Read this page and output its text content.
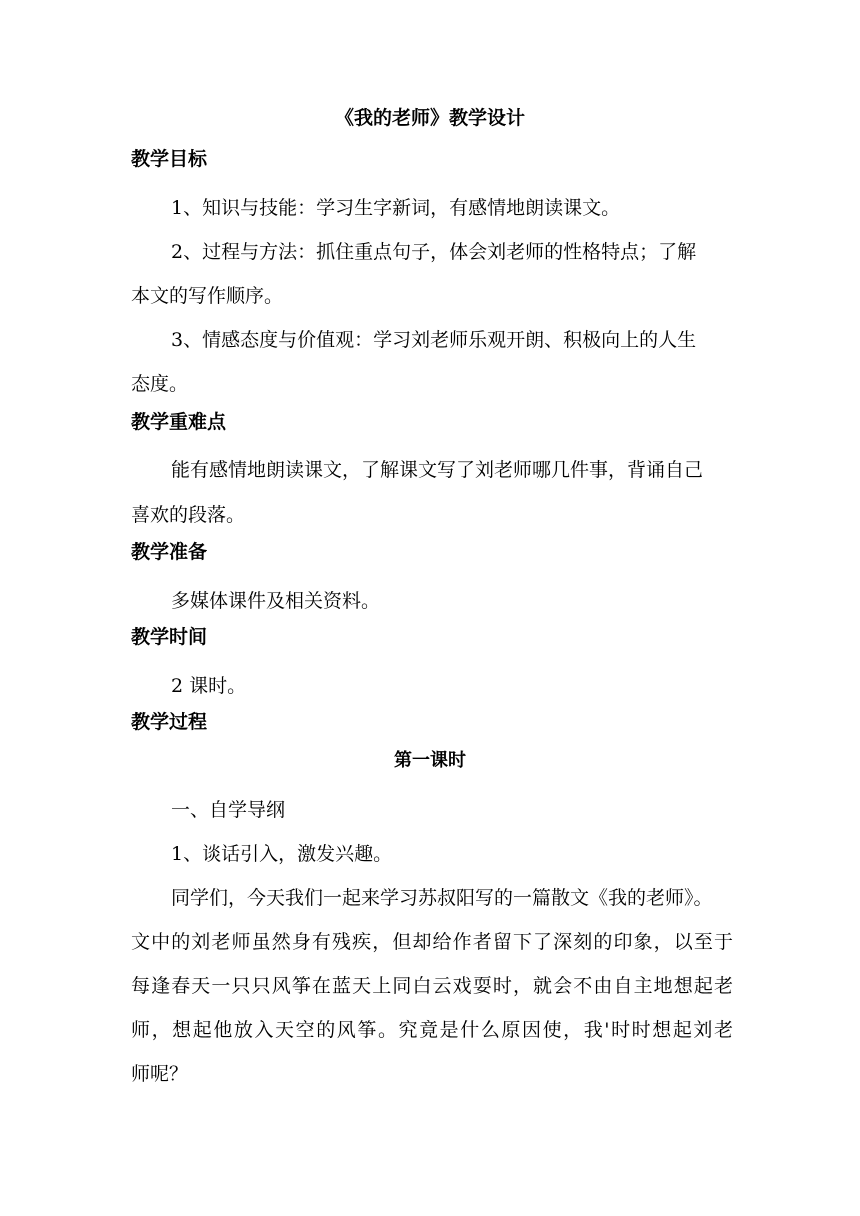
《我的老师》教学设计
教学目标
1、知识与技能：学习生字新词，有感情地朗读课文。
2、过程与方法：抓住重点句子，体会刘老师的性格特点；了解
本文的写作顺序。
3、情感态度与价值观：学习刘老师乐观开朗、积极向上的人生
态度。
教学重难点
能有感情地朗读课文，了解课文写了刘老师哪几件事，背诵自己
喜欢的段落。
教学准备
多媒体课件及相关资料。
教学时间
2 课时。
教学过程
第一课时
一、自学导纲
1、谈话引入，激发兴趣。
同学们，今天我们一起来学习苏叔阳写的一篇散文《我的老师》。
文中的刘老师虽然身有残疾，但却给作者留下了深刻的印象，以至于
每逢春天一只只风筝在蓝天上同白云戏耍时，就会不由自主地想起老
师，想起他放入天空的风筝。究竟是什么原因使，我'时时想起刘老
师呢？
